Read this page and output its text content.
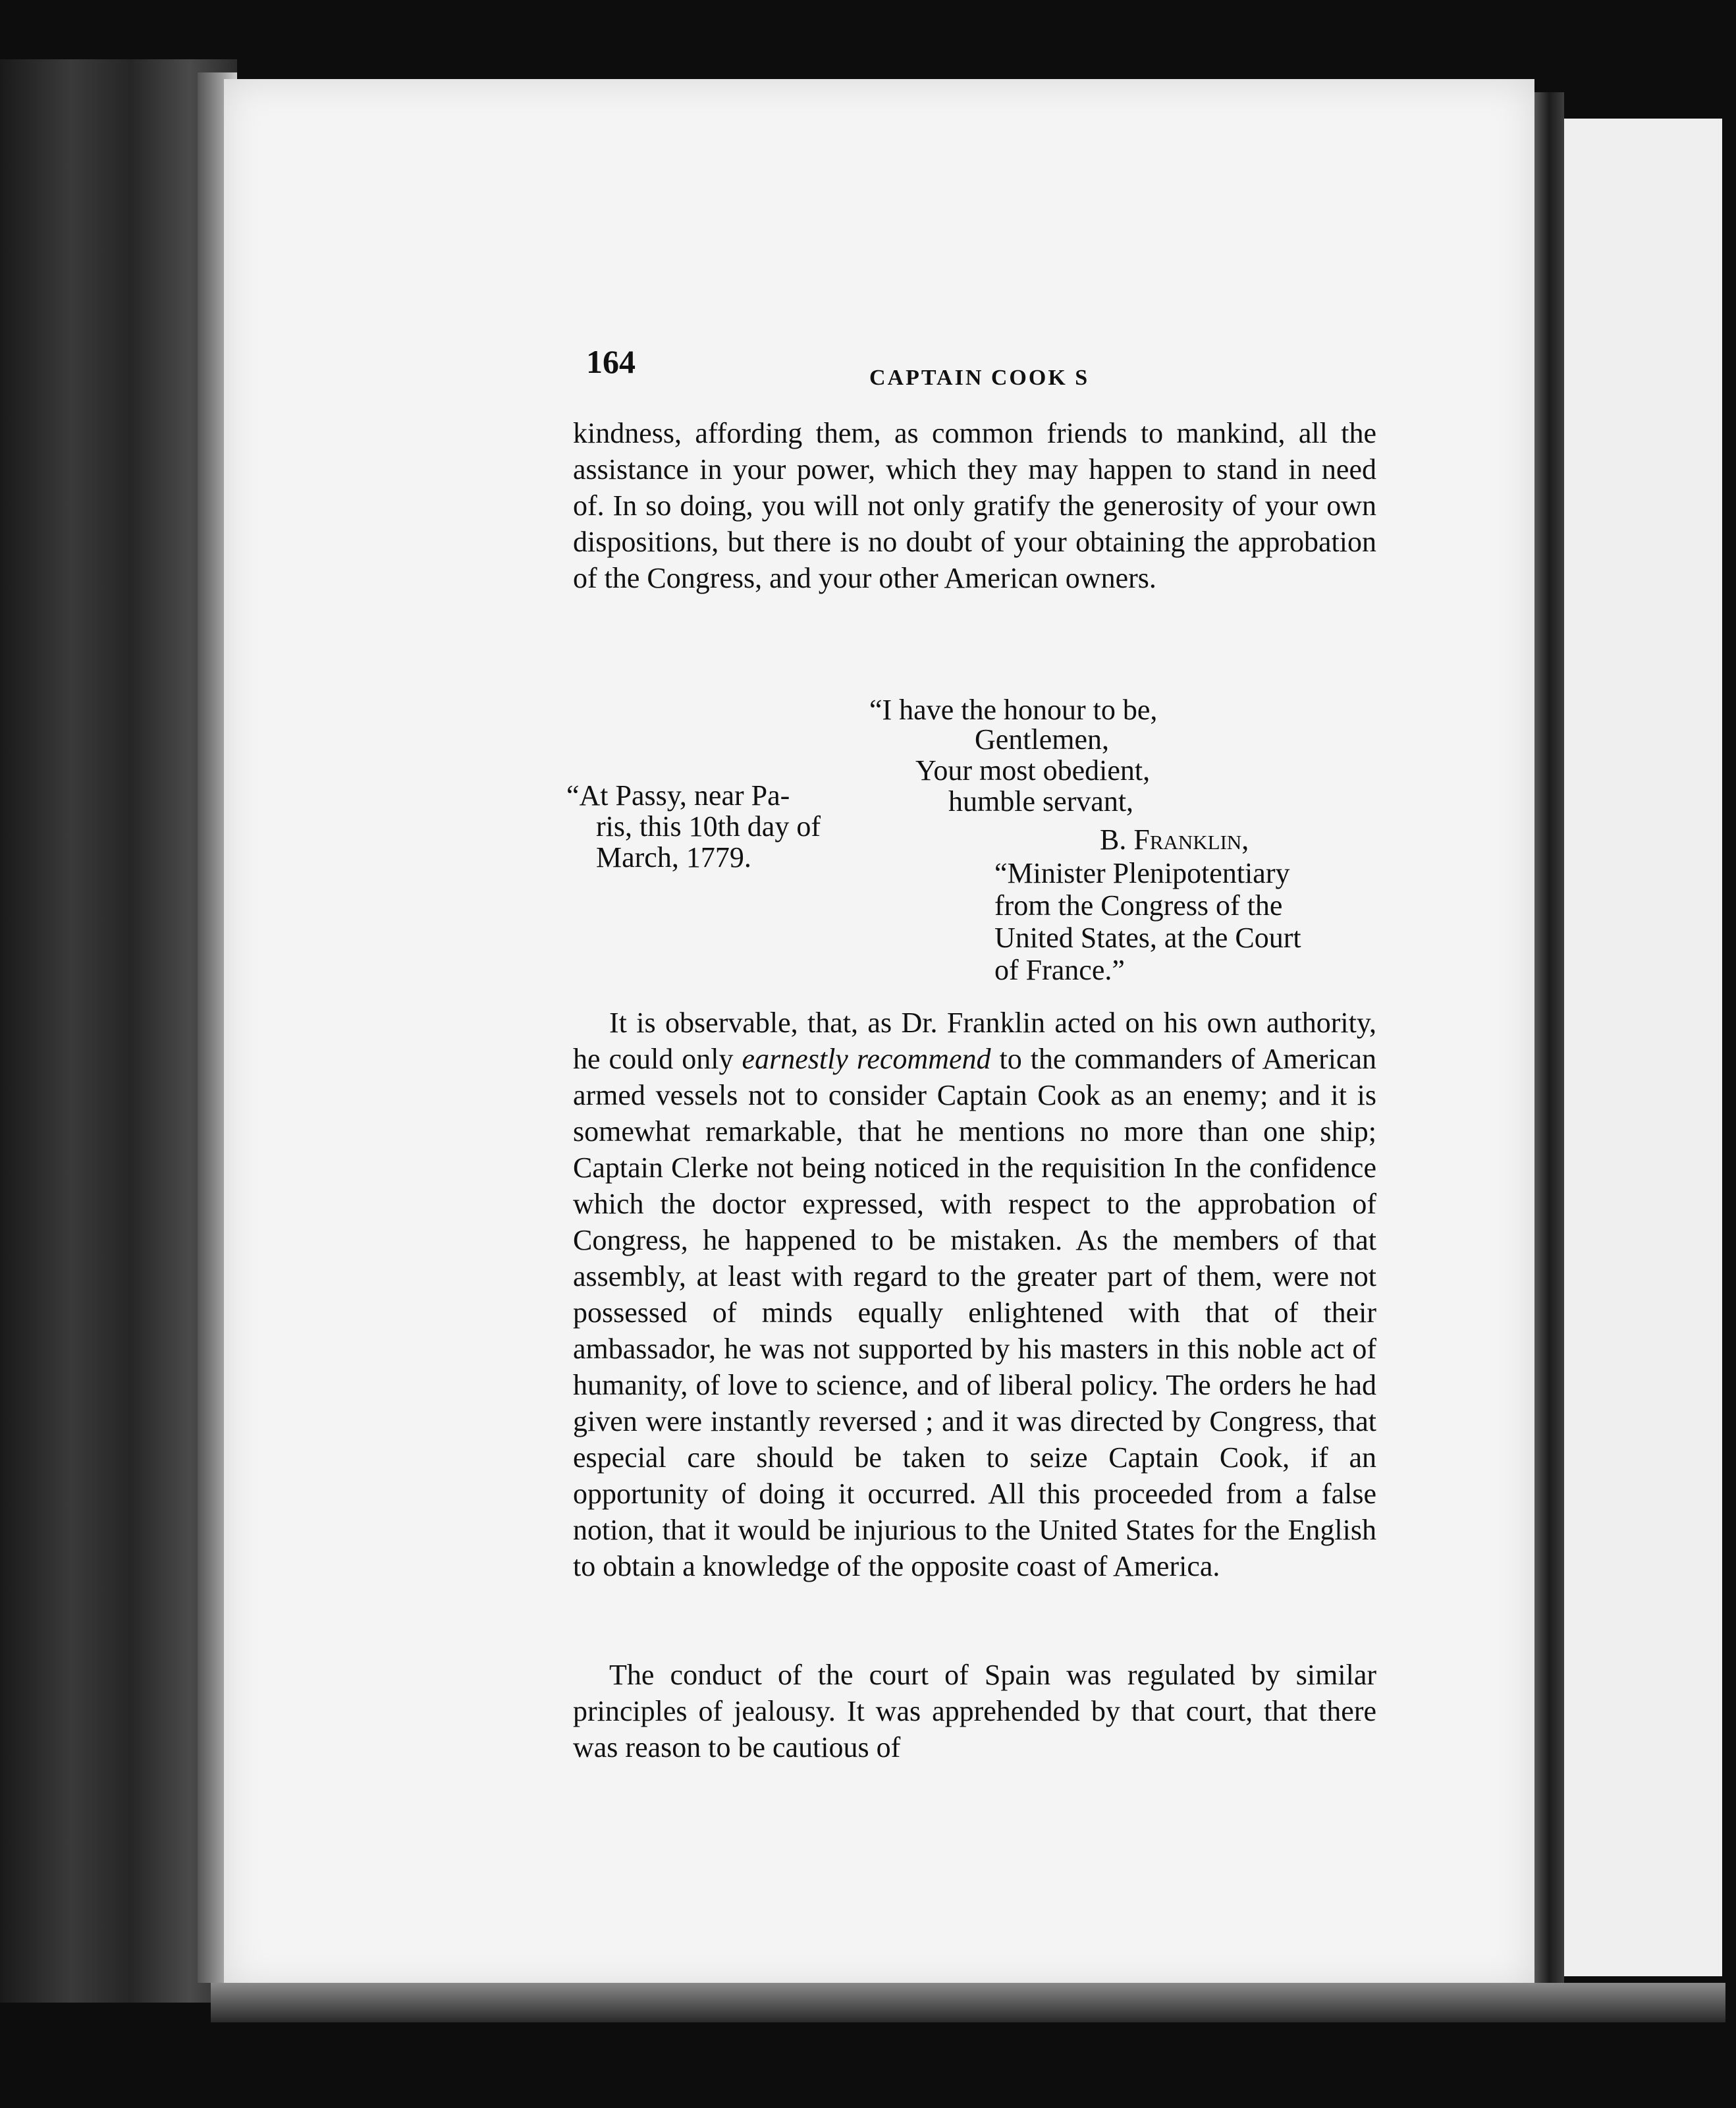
164	CAPTAIN COOK S

kindness, affording them, as common friends to mankind, all the assistance in your power, which they may happen to stand in need of. In so doing, you will not only gratify the generosity of your own dispositions, but there is no doubt of your obtaining the approbation of the Congress, and your other American owners.

“I have the honour to be,
Gentlemen,
Your most obedient,
humble servant,
B. Franklin,
“Minister Plenipotentiary
from the Congress of the
United States, at the Court
of France.”
“At Passy, near Pa-
ris, this 10th day of
March, 1779.

It is observable, that, as Dr. Franklin acted on his own authority, he could only earnestly recommend to the commanders of American armed vessels not to consider Captain Cook as an enemy; and it is somewhat remarkable, that he mentions no more than one ship; Captain Clerke not being noticed in the requisition In the confidence which the doctor expressed, with respect to the approbation of Congress, he happened to be mistaken. As the members of that assembly, at least with regard to the greater part of them, were not possessed of minds equally enlightened with that of their ambassador, he was not supported by his masters in this noble act of humanity, of love to science, and of liberal policy. The orders he had given were instantly reversed ; and it was directed by Congress, that especial care should be taken to seize Captain Cook, if an opportunity of doing it occurred. All this proceeded from a false notion, that it would be injurious to the United States for the English to obtain a knowledge of the opposite coast of America.

The conduct of the court of Spain was regulated by similar principles of jealousy. It was apprehended by that court, that there was reason to be cautious of
